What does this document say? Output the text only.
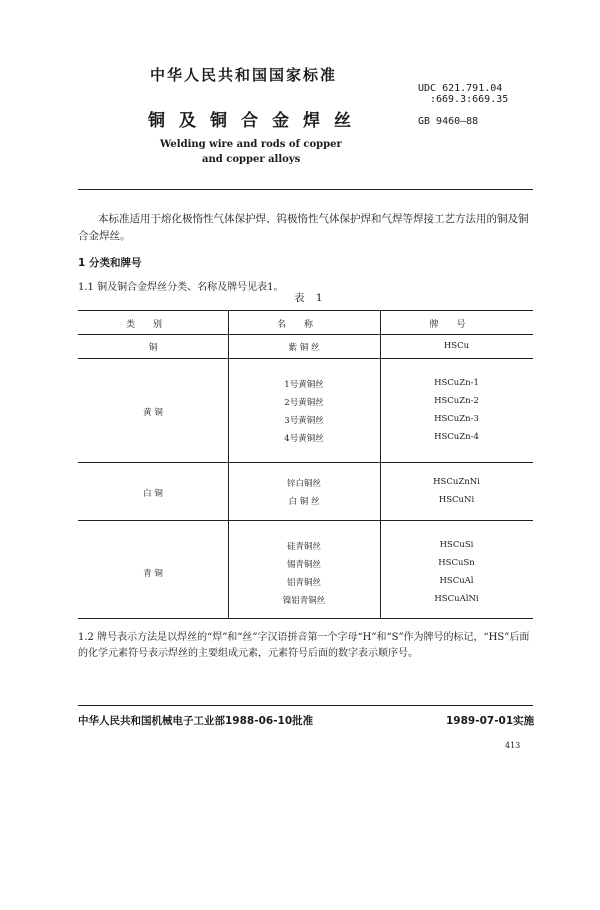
中华人民共和国国家标准
UDC 621.791.04
:669.3:669.35
铜及铜合金焊丝	GB 9460—88
Welding wire and rods of copper
and copper alloys
本标准适用于熔化极惰性气体保护焊、钨极惰性气体保护焊和气焊等焊接工艺方法用的铜及铜合金焊丝。
1 分类和牌号
1.1 铜及铜合金焊丝分类、名称及牌号见表1。
表 1
类别	名称	牌号
铜	紫 铜 丝	HSCu
黄 铜
1号黄铜丝	HSCuZn-1
2号黄铜丝	HSCuZn-2
3号黄铜丝	HSCuZn-3
4号黄铜丝	HSCuZn-4
白 铜
锌白铜丝	HSCuZnNi
白 铜 丝	HSCuNi
青 铜
硅青铜丝	HSCuSi
锡青铜丝	HSCuSn
铝青铜丝	HSCuAl
镍铝青铜丝	HSCuAlNi
1.2 牌号表示方法是以焊丝的“焊”和“丝”字汉语拼音第一个字母“H”和“S”作为牌号的标记，“HS”后面的化学元素符号表示焊丝的主要组成元素，元素符号后面的数字表示顺序号。
中华人民共和国机械电子工业部1988-06-10批准	1989-07-01实施
413
